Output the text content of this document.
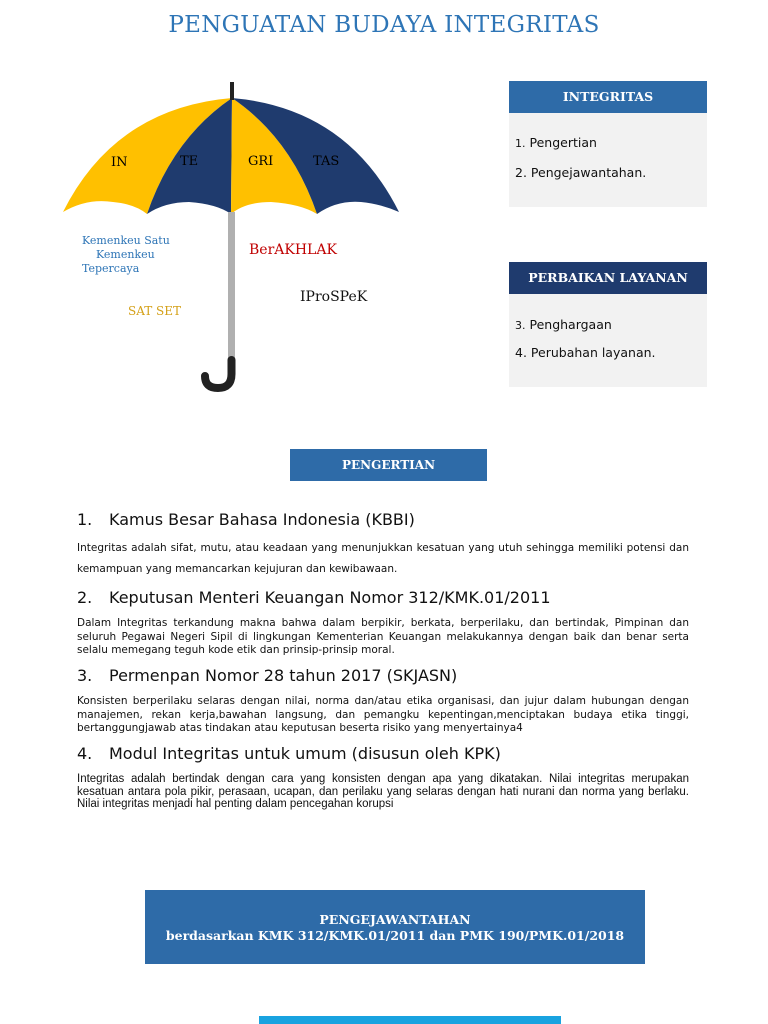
PENGUATAN BUDAYA INTEGRITAS
IN	TE	GRI	TAS
Kemenkeu Satu
Kemenkeu
Tepercaya
BerAKHLAK
IProSPeK
SAT SET
INTEGRITAS
1. Pengertian
2. Pengejawantahan.
PERBAIKAN LAYANAN
3. Penghargaan
4. Perubahan layanan.
PENGERTIAN
1. Kamus Besar Bahasa Indonesia (KBBI)
Integritas adalah sifat, mutu, atau keadaan yang menunjukkan kesatuan yang utuh sehingga memiliki potensi dan kemampuan yang memancarkan kejujuran dan kewibawaan.
2. Keputusan Menteri Keuangan Nomor 312/KMK.01/2011
Dalam Integritas terkandung makna bahwa dalam berpikir, berkata, berperilaku, dan bertindak, Pimpinan dan seluruh Pegawai Negeri Sipil di lingkungan Kementerian Keuangan melakukannya dengan baik dan benar serta selalu memegang teguh kode etik dan prinsip-prinsip moral.
3. Permenpan Nomor 28 tahun 2017 (SKJASN)
Konsisten berperilaku selaras dengan nilai, norma dan/atau etika organisasi, dan jujur dalam hubungan dengan manajemen, rekan kerja,bawahan langsung, dan pemangku kepentingan,menciptakan budaya etika tinggi, bertanggungjawab atas tindakan atau keputusan beserta risiko yang menyertainya4
4. Modul Integritas untuk umum (disusun oleh KPK)
Integritas adalah bertindak dengan cara yang konsisten dengan apa yang dikatakan. Nilai integritas merupakan kesatuan antara pola pikir, perasaan, ucapan, dan perilaku yang selaras dengan hati nurani dan norma yang berlaku. Nilai integritas menjadi hal penting dalam pencegahan korupsi
PENGEJAWANTAHAN
berdasarkan KMK 312/KMK.01/2011 dan PMK 190/PMK.01/2018
